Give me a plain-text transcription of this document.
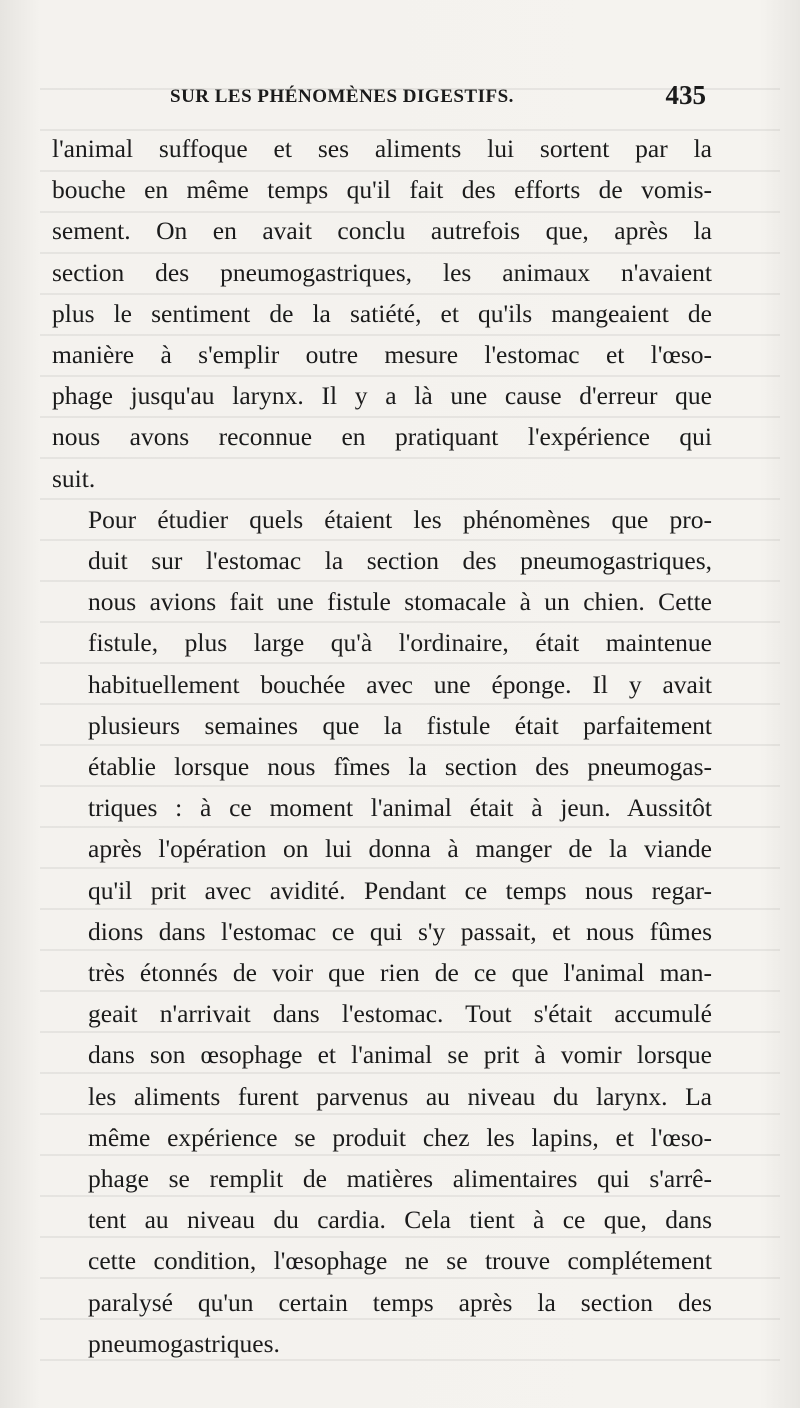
SUR LES PHÉNOMÈNES DIGESTIFS.	435

l'animal suffoque et ses aliments lui sortent par la
bouche en même temps qu'il fait des efforts de vomis-
sement. On en avait conclu autrefois que, après la
section des pneumogastriques, les animaux n'avaient
plus le sentiment de la satiété, et qu'ils mangeaient de
manière à s'emplir outre mesure l'estomac et l'œso-
phage jusqu'au larynx. Il y a là une cause d'erreur que
nous avons reconnue en pratiquant l'expérience qui
suit.

Pour étudier quels étaient les phénomènes que pro-
duit sur l'estomac la section des pneumogastriques,
nous avions fait une fistule stomacale à un chien. Cette
fistule, plus large qu'à l'ordinaire, était maintenue
habituellement bouchée avec une éponge. Il y avait
plusieurs semaines que la fistule était parfaitement
établie lorsque nous fîmes la section des pneumogas-
triques : à ce moment l'animal était à jeun. Aussitôt
après l'opération on lui donna à manger de la viande
qu'il prit avec avidité. Pendant ce temps nous regar-
dions dans l'estomac ce qui s'y passait, et nous fûmes
très étonnés de voir que rien de ce que l'animal man-
geait n'arrivait dans l'estomac. Tout s'était accumulé
dans son œsophage et l'animal se prit à vomir lorsque
les aliments furent parvenus au niveau du larynx. La
même expérience se produit chez les lapins, et l'œso-
phage se remplit de matières alimentaires qui s'arrê-
tent au niveau du cardia. Cela tient à ce que, dans
cette condition, l'œsophage ne se trouve complétement
paralysé qu'un certain temps après la section des
pneumogastriques.
